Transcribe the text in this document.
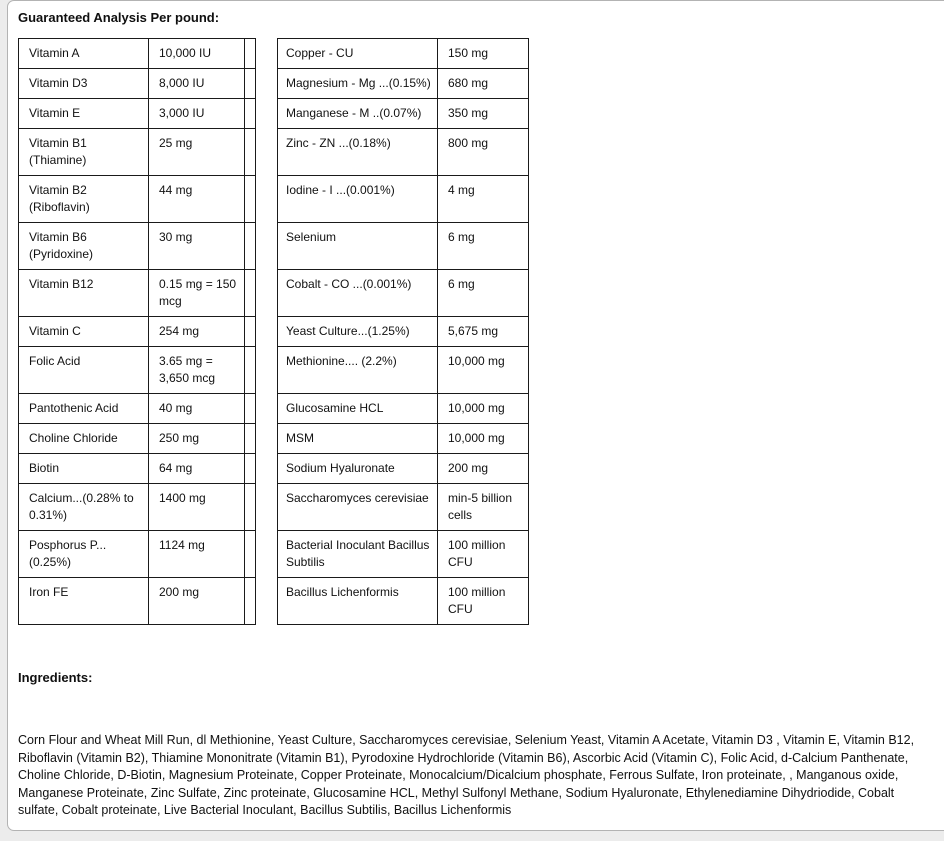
Guaranteed Analysis Per pound:
Vitamin A	10,000 IU			Copper - CU	150 mg
Vitamin D3	8,000 IU			Magnesium - Mg ...(0.15%)	680 mg
Vitamin E	3,000 IU			Manganese - M ..(0.07%)	350 mg
Vitamin B1 (Thiamine)	25 mg			Zinc - ZN ...(0.18%)	800 mg
Vitamin B2 (Riboflavin)	44 mg			Iodine - I ...(0.001%)	4 mg
Vitamin B6 (Pyridoxine)	30 mg			Selenium	6 mg
Vitamin B12	0.15 mg = 150 mcg			Cobalt - CO ...(0.001%)	6 mg
Vitamin C	254 mg			Yeast Culture...(1.25%)	5,675 mg
Folic Acid	3.65 mg = 3,650 mcg			Methionine.... (2.2%)	10,000 mg
Pantothenic Acid	40 mg			Glucosamine HCL	10,000 mg
Choline Chloride	250 mg			MSM	10,000 mg
Biotin	64 mg			Sodium Hyaluronate	200 mg
Calcium...(0.28% to 0.31%)	1400 mg			Saccharomyces cerevisiae	min-5 billion cells
Posphorus P... (0.25%)	1124 mg			Bacterial Inoculant Bacillus Subtilis	100 million CFU
Iron FE	200 mg			Bacillus Lichenformis	100 million CFU
Ingredients:

Corn Flour and Wheat Mill Run, dl Methionine, Yeast Culture, Saccharomyces cerevisiae, Selenium Yeast, Vitamin A Acetate, Vitamin D3 , Vitamin E, Vitamin B12, Riboflavin (Vitamin B2), Thiamine Mononitrate (Vitamin B1), Pyrodoxine Hydrochloride (Vitamin B6), Ascorbic Acid (Vitamin C), Folic Acid, d-Calcium Panthenate, Choline Chloride, D-Biotin, Magnesium Proteinate, Copper Proteinate, Monocalcium/Dicalcium phosphate, Ferrous Sulfate, Iron proteinate, , Manganous oxide, Manganese Proteinate, Zinc Sulfate, Zinc proteinate, Glucosamine HCL, Methyl Sulfonyl Methane, Sodium Hyaluronate, Ethylenediamine Dihydriodide, Cobalt sulfate, Cobalt proteinate, Live Bacterial Inoculant, Bacillus Subtilis, Bacillus Lichenformis
